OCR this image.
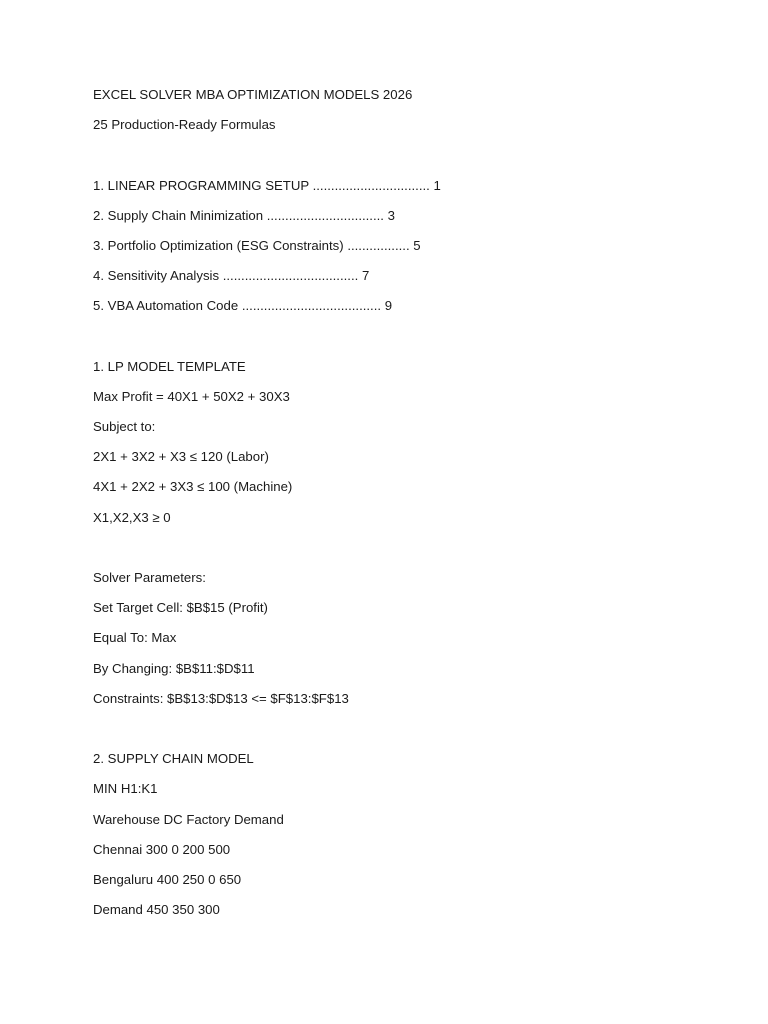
EXCEL SOLVER MBA OPTIMIZATION MODELS 2026
25 Production-Ready Formulas
1. LINEAR PROGRAMMING SETUP ................................ 1
2. Supply Chain Minimization ................................ 3
3. Portfolio Optimization (ESG Constraints) ................. 5
4. Sensitivity Analysis ..................................... 7
5. VBA Automation Code ...................................... 9
1. LP MODEL TEMPLATE
Max Profit = 40X1 + 50X2 + 30X3
Subject to:
2X1 + 3X2 + X3 ≤ 120 (Labor)
4X1 + 2X2 + 3X3 ≤ 100 (Machine)
X1,X2,X3 ≥ 0
Solver Parameters:
Set Target Cell: $B$15 (Profit)
Equal To: Max
By Changing: $B$11:$D$11
Constraints: $B$13:$D$13 <= $F$13:$F$13
2. SUPPLY CHAIN MODEL
MIN H1:K1
Warehouse DC Factory Demand
Chennai 300 0 200 500
Bengaluru 400 250 0 650
Demand 450 350 300
